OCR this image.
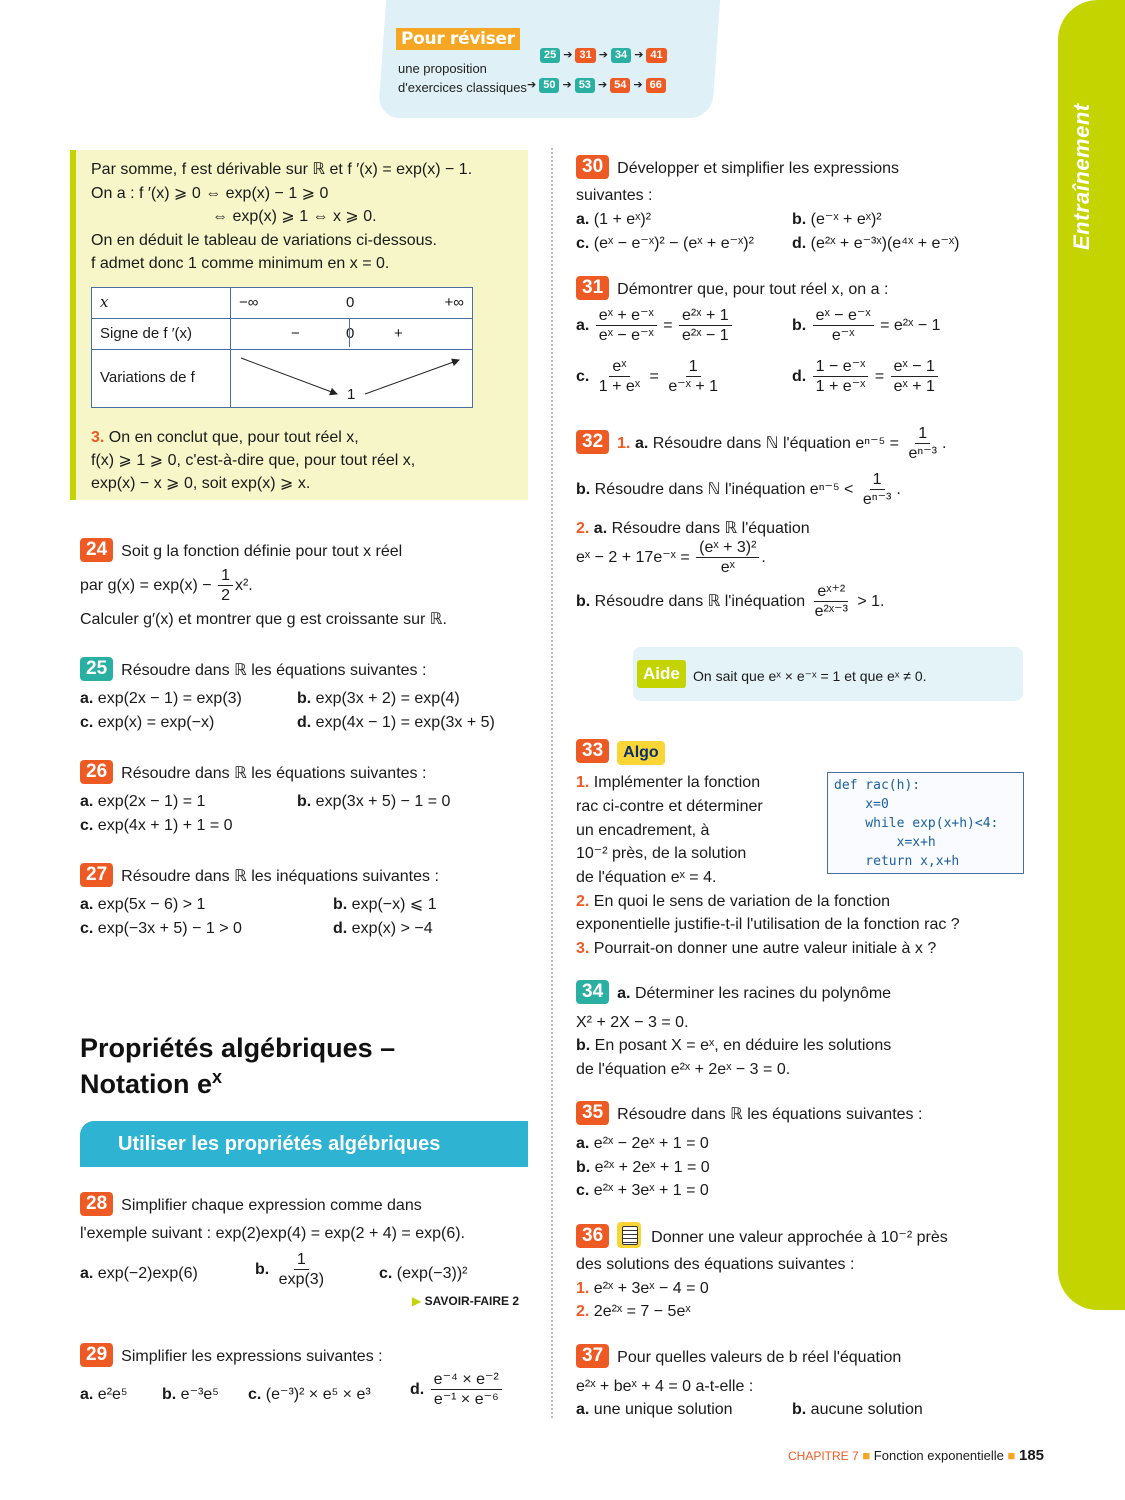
Pour réviser
une proposition
d'exercices classiques
25 ➔ 31 ➔ 34 ➔ 41
➔ 50 ➔ 53 ➔ 54 ➔ 66
Entraînement
Par somme, f est dérivable sur ℝ et f ′(x) = exp(x) − 1.
On a : f ′(x) ⩾ 0 ⇔ exp(x) − 1 ⩾ 0
⇔ exp(x) ⩾ 1 ⇔ x ⩾ 0.
On en déduit le tableau de variations ci-dessous.
f admet donc 1 comme minimum en x = 0.
x	−∞ 0 +∞

Signe de f ′(x)	− 0 +

Variations de f	1
3. On en conclut que, pour tout réel x,
f(x) ⩾ 1 ⩾ 0, c'est-à-dire que, pour tout réel x,
exp(x) − x ⩾ 0, soit exp(x) ⩾ x.
24 Soit g la fonction définie pour tout x réel
par $g(x) = \exp(x) - \frac{1}{2} x^2$.
Calculer g′(x) et montrer que g est croissante sur ℝ.
25 Résoudre dans ℝ les équations suivantes :
a. exp(2x − 1) = exp(3)	b. exp(3x + 2) = exp(4)
c. exp(x) = exp(−x)	d. exp(4x − 1) = exp(3x + 5)
26 Résoudre dans ℝ les équations suivantes :
a. exp(2x − 1) = 1	b. exp(3x + 5) − 1 = 0
c. exp(4x + 1) + 1 = 0
27 Résoudre dans ℝ les inéquations suivantes :
a. exp(5x − 6) > 1	b. exp(−x) ⩽ 1
c. exp(−3x + 5) − 1 > 0	d. exp(x) > −4
Propriétés algébriques –
Notation $e^x$
Utiliser les propriétés algébriques
28 Simplifier chaque expression comme dans
l'exemple suivant : exp(2)exp(4) = exp(2 + 4) = exp(6).
a. exp(−2)exp(6)	b. $\frac{1}{\exp(3)}$	c. (exp(−3))²
▶ SAVOIR-FAIRE 2
29 Simplifier les expressions suivantes :
a. e²e⁵ b. e⁻³e⁵ c. (e⁻³)² × e⁵ × e³ d. $\frac{\text{e⁻⁴ × e⁻²}}{\text{e⁻¹ × e⁻⁶}}$
30 Développer et simplifier les expressions
suivantes :
a. (1 + eˣ)²	b. (e⁻ˣ + eˣ)²
c. (eˣ − e⁻ˣ)² − (eˣ + e⁻ˣ)² d. (e²ˣ + e⁻³ˣ)(e⁴ˣ + e⁻ˣ)
31 Démontrer que, pour tout réel x, on a :
a. $\frac{\text{eˣ + e⁻ˣ}}{\text{eˣ − e⁻ˣ}} = \frac{\text{e²ˣ + 1}}{\text{e²ˣ − 1}}$	b. $\frac{\text{eˣ − e⁻ˣ}}{\text{e⁻ˣ}}$ = e²ˣ − 1
c. $\frac{\text{eˣ}}{\text{1 + eˣ}} = \frac{1}{\text{e⁻ˣ + 1}}$	d. $\frac{\text{1 − e⁻ˣ}}{\text{1 + e⁻ˣ}} = \frac{\text{eˣ − 1}}{\text{eˣ + 1}}$
32 1. a. Résoudre dans ℕ l'équation $e^{n-5} = \frac{1}{\text{eⁿ⁻³}}$ .
b. Résoudre dans ℕ l'inéquation $e^{n-5} < \frac{1}{\text{eⁿ⁻³}}$ .
2. a. Résoudre dans ℝ l'équation
eˣ − 2 + 17e⁻ˣ = $\frac{\text{(eˣ + 3)²}}{\text{eˣ}}$ .
b. Résoudre dans ℝ l'inéquation $\frac{\text{eˣ⁺²}}{\text{e²ˣ⁻³}} > 1$.
Aide On sait que eˣ × e⁻ˣ = 1 et que eˣ ≠ 0.
33 Algo
1. Implémenter la fonction
rac ci-contre et déterminer
un encadrement, à
10⁻² près, de la solution
de l'équation eˣ = 4.
2. En quoi le sens de variation de la fonction
exponentielle justifie-t-il l'utilisation de la fonction rac ?
3. Pourrait-on donner une autre valeur initiale à x ?
def rac(h):
x=0
while exp(x+h)<4:
x=x+h
return x,x+h
34 a. Déterminer les racines du polynôme
X² + 2X − 3 = 0.
b. En posant X = eˣ, en déduire les solutions
de l'équation e²ˣ + 2eˣ − 3 = 0.
35 Résoudre dans ℝ les équations suivantes :
a. e²ˣ − 2eˣ + 1 = 0
b. e²ˣ + 2eˣ + 1 = 0
c. e²ˣ + 3eˣ + 1 = 0
36	Donner une valeur approchée à 10⁻² près
des solutions des équations suivantes :
1. e²ˣ + 3eˣ − 4 = 0
2. 2e²ˣ = 7 − 5eˣ
37 Pour quelles valeurs de b réel l'équation
e²ˣ + beˣ + 4 = 0 a-t-elle :
a. une unique solution	b. aucune solution
CHAPITRE 7 ■ Fonction exponentielle ■ 185
